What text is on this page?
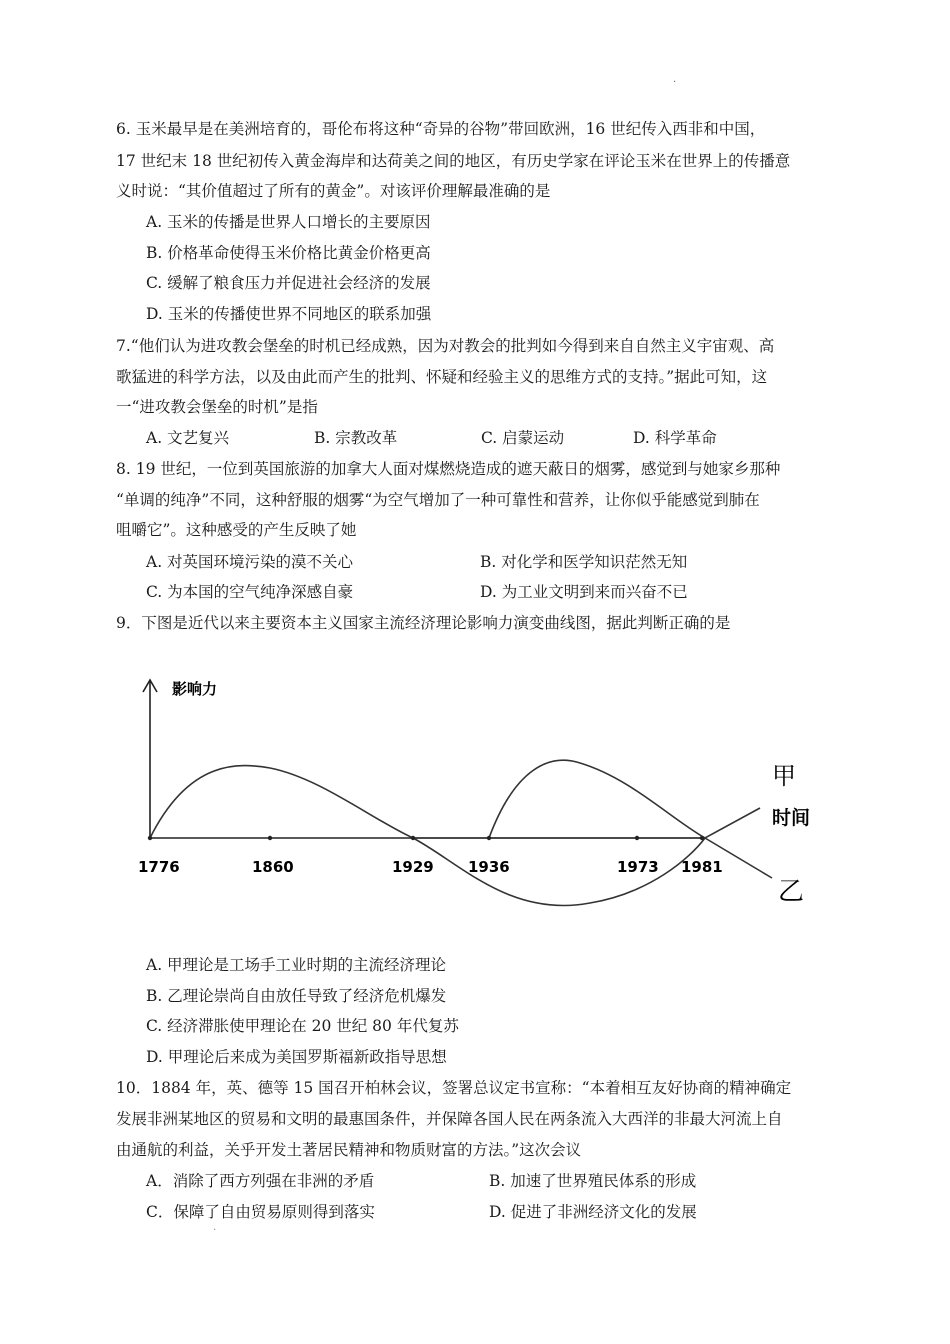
.
6. 玉米最早是在美洲培育的，哥伦布将这种“奇异的谷物”带回欧洲，16 世纪传入西非和中国，
17 世纪末 18 世纪初传入黄金海岸和达荷美之间的地区，有历史学家在评论玉米在世界上的传播意
义时说：“其价值超过了所有的黄金”。对该评价理解最准确的是
A. 玉米的传播是世界人口增长的主要原因
B. 价格革命使得玉米价格比黄金价格更高
C. 缓解了粮食压力并促进社会经济的发展
D. 玉米的传播使世界不同地区的联系加强
7.“他们认为进攻教会堡垒的时机已经成熟，因为对教会的批判如今得到来自自然主义宇宙观、高
歌猛进的科学方法，以及由此而产生的批判、怀疑和经验主义的思维方式的支持。”据此可知，这
一“进攻教会堡垒的时机”是指
A. 文艺复兴	B. 宗教改革	C. 启蒙运动	D. 科学革命
8. 19 世纪，一位到英国旅游的加拿大人面对煤燃烧造成的遮天蔽日的烟雾，感觉到与她家乡那种
“单调的纯净”不同，这种舒服的烟雾“为空气增加了一种可靠性和营养，让你似乎能感觉到肺在
咀嚼它”。这种感受的产生反映了她
A. 对英国环境污染的漠不关心	B. 对化学和医学知识茫然无知
C. 为本国的空气纯净深感自豪	D. 为工业文明到来而兴奋不已
9．下图是近代以来主要资本主义国家主流经济理论影响力演变曲线图，据此判断正确的是
影响力
1776	1860	1929 1936	1973 1981
甲
时间
乙
A. 甲理论是工场手工业时期的主流经济理论
B. 乙理论崇尚自由放任导致了经济危机爆发
C. 经济滞胀使甲理论在 20 世纪 80 年代复苏
D. 甲理论后来成为美国罗斯福新政指导思想
10．1884 年，英、德等 15 国召开柏林会议，签署总议定书宣称：“本着相互友好协商的精神确定
发展非洲某地区的贸易和文明的最惠国条件，并保障各国人民在两条流入大西洋的非最大河流上自
由通航的利益，关乎开发土著居民精神和物质财富的方法。”这次会议
A．消除了西方列强在非洲的矛盾	B. 加速了世界殖民体系的形成
C．保障了自由贸易原则得到落实	D. 促进了非洲经济文化的发展
.
